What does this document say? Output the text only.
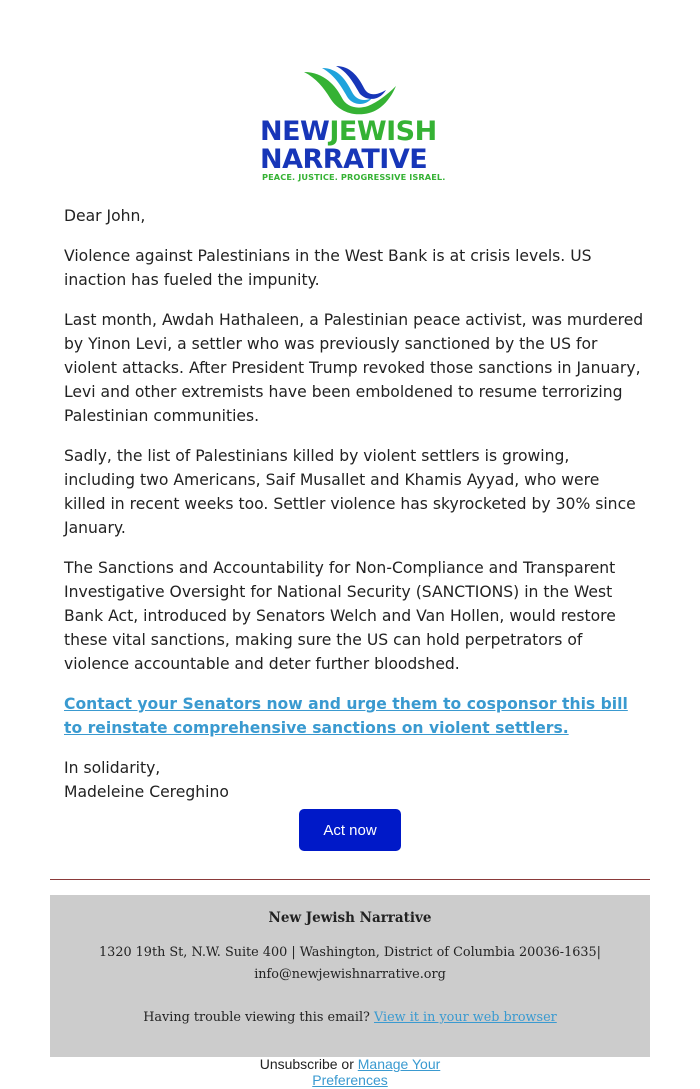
NEWJEWISH
NARRATIVE
PEACE. JUSTICE. PROGRESSIVE ISRAEL.

Dear John,

Violence against Palestinians in the West Bank is at crisis levels. US inaction has fueled the impunity.

Last month, Awdah Hathaleen, a Palestinian peace activist, was murdered by Yinon Levi, a settler who was previously sanctioned by the US for violent attacks. After President Trump revoked those sanctions in January, Levi and other extremists have been emboldened to resume terrorizing Palestinian communities.

Sadly, the list of Palestinians killed by violent settlers is growing, including two Americans, Saif Musallet and Khamis Ayyad, who were killed in recent weeks too. Settler violence has skyrocketed by 30% since January.

The Sanctions and Accountability for Non-Compliance and Transparent Investigative Oversight for National Security (SANCTIONS) in the West Bank Act, introduced by Senators Welch and Van Hollen, would restore these vital sanctions, making sure the US can hold perpetrators of violence accountable and deter further bloodshed.

Contact your Senators now and urge them to cosponsor this bill to reinstate comprehensive sanctions on violent settlers.

In solidarity,
Madeleine Cereghino

Act now
New Jewish Narrative
1320 19th St, N.W. Suite 400 | Washington, District of Columbia 20036-1635|
info@newjewishnarrative.org
Having trouble viewing this email? View it in your web browser
Unsubscribe or Manage Your
Preferences
